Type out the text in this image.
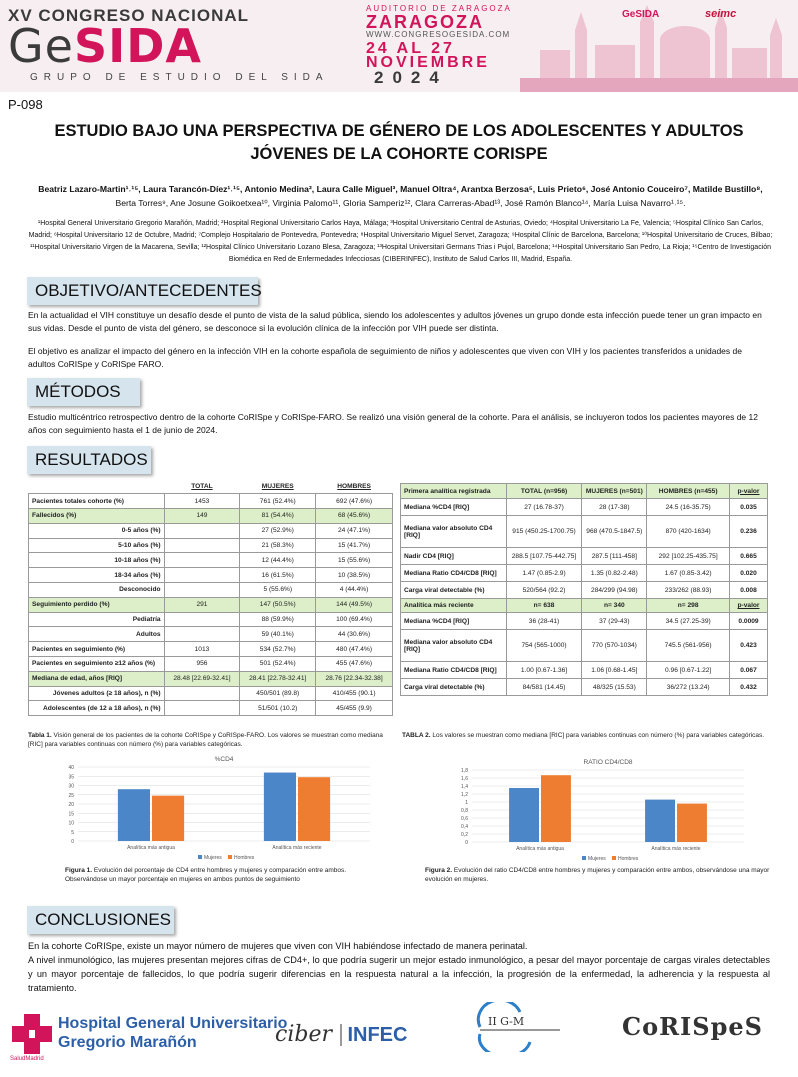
XV CONGRESO NACIONAL
GeSIDA
GRUPO DE ESTUDIO DEL SIDA
AUDITORIO DE ZARAGOZA
ZARAGOZA
WWW.CONGRESOGESIDA.COM
24 AL 27
NOVIEMBRE
2024
GeSIDA	seimc
P-098
ESTUDIO BAJO UNA PERSPECTIVA DE GÉNERO DE LOS ADOLESCENTES Y ADULTOS
JÓVENES DE LA COHORTE CORISPE
Beatriz Lazaro-Martin¹˒¹⁵, Laura Tarancón-Díez¹˒¹⁵, Antonio Medina², Laura Calle Miguel³, Manuel Oltra⁴, Arantxa Berzosa⁵, Luis Prieto⁶, José Antonio Couceiro⁷, Matilde Bustillo⁸,
Berta Torres⁹, Ane Josune Goikoetxea¹⁰, Virginia Palomo¹¹, Gloria Samperiz¹², Clara Carreras-Abad¹³, José Ramón Blanco¹⁴, María Luisa Navarro¹˒¹⁵.
¹Hospital General Universitario Gregorio Marañón, Madrid; ²Hospital Regional Universitario Carlos Haya, Málaga; ³Hospital Universitario Central de Asturias, Oviedo; ⁴Hospital Universitario La Fe, Valencia; ⁵Hospital Clínico San Carlos, Madrid; ⁶Hospital Universitario 12 de Octubre, Madrid; ⁷Complejo Hospitalario de Pontevedra, Pontevedra; ⁸Hospital Universitario Miguel Servet, Zaragoza; ⁹Hospital Clínic de Barcelona, Barcelona; ¹⁰Hospital Universitario de Cruces, Bilbao; ¹¹Hospital Universitario Virgen de la Macarena, Sevilla; ¹²Hospital Clínico Universitario Lozano Blesa, Zaragoza; ¹³Hospital Universitari Germans Trias i Pujol, Barcelona; ¹⁴Hospital Universitario San Pedro, La Rioja; ¹⁵Centro de Investigación Biomédica en Red de Enfermedades Infecciosas (CIBERINFEC), Instituto de Salud Carlos III, Madrid, España.
OBJETIVO/ANTECEDENTES
En la actualidad el VIH constituye un desafío desde el punto de vista de la salud pública, siendo los adolescentes y adultos jóvenes un grupo donde esta infección puede tener un gran impacto en sus vidas. Desde el punto de vista del género, se desconoce si la evolución clínica de la infección por VIH puede ser distinta.
El objetivo es analizar el impacto del género en la infección VIH en la cohorte española de seguimiento de niños y adolescentes que viven con VIH y los pacientes transferidos a unidades de adultos CoRISpe y CoRISpe FARO.
MÉTODOS
Estudio multicéntrico retrospectivo dentro de la cohorte CoRISpe y CoRISpe-FARO. Se realizó una visión general de la cohorte. Para el análisis, se incluyeron todos los pacientes mayores de 12 años con seguimiento hasta el 1 de junio de 2024.
RESULTADOS
	TOTAL	MUJERES	HOMBRES
Pacientes totales cohorte (%)	1453	761 (52.4%)	692 (47.6%)
Fallecidos (%)	149	81 (54.4%)	68 (45.6%)
0-5 años (%)		27 (52.9%)	24 (47.1%)
5-10 años (%)		21 (58.3%)	15 (41.7%)
10-18 años (%)		12 (44.4%)	15 (55.6%)
18-34 años (%)		16 (61.5%)	10 (38.5%)
Desconocido		5 (55.6%)	4 (44.4%)
Seguimiento perdido (%)	291	147 (50.5%)	144 (49.5%)
Pediatría		88 (59.9%)	100 (69.4%)
Adultos		59 (40.1%)	44 (30.6%)
Pacientes en seguimiento (%)	1013	534 (52.7%)	480 (47.4%)
Pacientes en seguimiento ≥12 años (%)	956	501 (52.4%)	455 (47.6%)
Mediana de edad, años [RIQ]	28.48 [22.69-32.41]	28.41 [22.78-32.41]	28.76 [22.34-32.38]
Jóvenes adultos (≥ 18 años), n (%)		450/501 (89.8)	410/455 (90.1)
Adolescentes (de 12 a 18 años), n (%)		51/501 (10.2)	45/455 (9.9)
Tabla 1. Visión general de los pacientes de la cohorte CoRISpe y CoRISpe-FARO. Los valores se muestran como mediana [RIC] para variables continuas con número (%) para variables categóricas.
Primera analítica registrada	TOTAL (n=956)	MUJERES (n=501)	HOMBRES (n=455)	p-valor
Mediana %CD4 [RIQ]	27 (16.78-37)	28 (17-38)	24.5 (16-35.75)	0.035
Mediana valor absoluto CD4 [RIQ]	915 (450.25-1700.75)	968 (470.5-1847.5)	870 (420-1634)	0.236
Nadir CD4 [RIQ]	288.5 [107.75-442.75]	287.5 [111-458]	292 [102.25-435.75]	0.665
Mediana Ratio CD4/CD8 [RIQ]	1.47 (0.85-2.9)	1.35 (0.82-2.48)	1.67 (0.85-3.42)	0.020
Carga viral detectable (%)	520/564 (92.2)	284/299 (94.98)	233/262 (88.93)	0.008
Analítica más reciente	n= 638	n= 340	n= 298	p-valor
Mediana %CD4 [RIQ]	36 (28-41)	37 (29-43)	34.5 (27.25-39)	0.0009
Mediana valor absoluto CD4 [RIQ]	754 (565-1000)	770 (570-1034)	745.5 (561-956)	0.423
Mediana Ratio CD4/CD8 [RIQ]	1.00 [0.67-1.36]	1.06 [0.68-1.45]	0.96 [0.67-1.22]	0.067
Carga viral detectable (%)	84/581 (14.45)	48/325 (15.53)	36/272 (13.24)	0.432
TABLA 2. Los valores se muestran como mediana [RIC] para variables continuas con número (%) para variables categóricas.
%CD4
0
5
10
15
20
25
30
35
40
Analítica más antigua	Analítica más reciente
Mujeres Hombres
Figura 1. Evolución del porcentaje de CD4 entre hombres y mujeres y comparación entre ambos. Observándose un mayor porcentaje en mujeres en ambos puntos de seguimiento
RATIO CD4/CD8
0
0,2
0,4
0,6
0,8
1
1,2
1,4
1,6
1,8
Analítica más antigua	Analítica más reciente
Mujeres Hombres
Figura 2. Evolución del ratio CD4/CD8 entre hombres y mujeres y comparación entre ambos, observándose una mayor evolución en mujeres.
CONCLUSIONES
En la cohorte CoRISpe, existe un mayor número de mujeres que viven con VIH habiéndose infectado de manera perinatal.
A nivel inmunológico, las mujeres presentan mejores cifras de CD4+, lo que podría sugerir un mejor estado inmunológico, a pesar del mayor porcentaje de cargas virales detectables y un mayor porcentaje de fallecidos, lo que podría sugerir diferencias en la respuesta natural a la infección, la progresión de la enfermedad, la adherencia y la respuesta al tratamiento.
Hospital General Universitario
Gregorio Marañón
SaludMadrid
ciber INFEC
II G-M	CoRISpeS
